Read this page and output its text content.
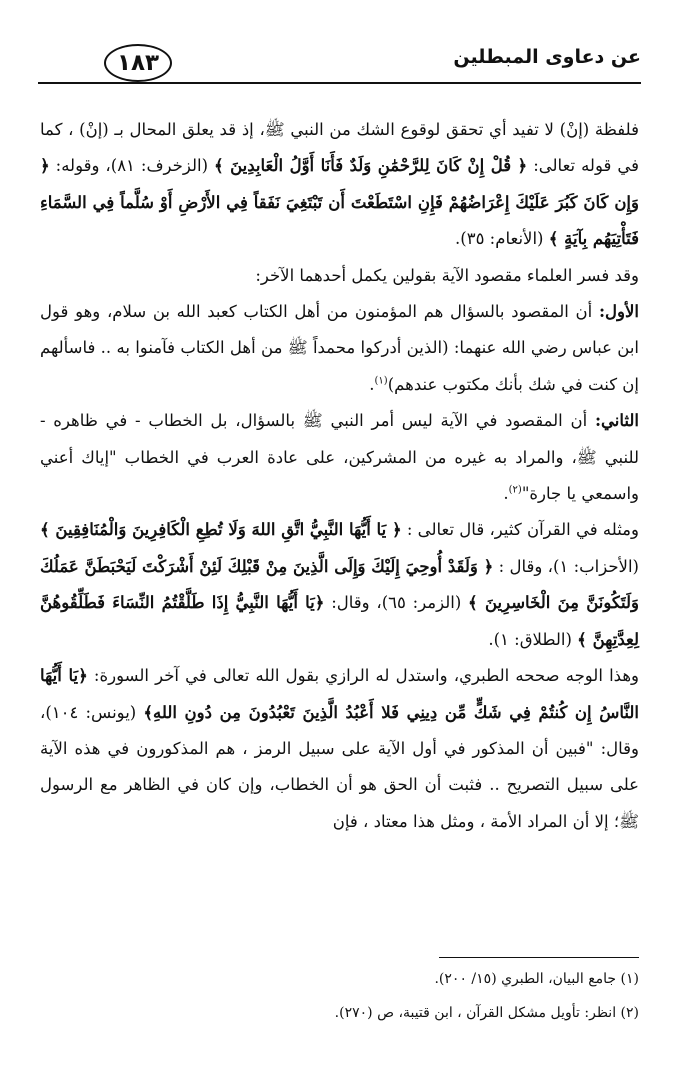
عن دعاوى المبطلين
١٨٣

فلفظة (إنْ) لا تفيد أي تحقق لوقوع الشك من النبي ﷺ، إذ قد يعلق المحال بـ (إنْ) ، كما في قوله تعالى: ﴿ قُلْ إِنْ كَانَ لِلرَّحْمَٰنِ وَلَدٌ فَأَنَا أَوَّلُ الْعَابِدِينَ ﴾ (الزخرف: ٨١)، وقوله: ﴿ وَإِن كَانَ كَبُرَ عَلَيْكَ إِعْرَاضُهُمْ فَإِنِ اسْتَطَعْتَ أَن تَبْتَغِيَ نَفَقاً فِي الأَرْضِ أَوْ سُلَّماً فِي السَّمَاءِ فَتَأْتِيَهُم بِآيَةٍ ﴾ (الأنعام: ٣٥).

وقد فسر العلماء مقصود الآية بقولين يكمل أحدهما الآخر:

الأول: أن المقصود بالسؤال هم المؤمنون من أهل الكتاب كعبد الله بن سلام، وهو قول ابن عباس رضي الله عنهما: (الذين أدركوا محمداً ﷺ من أهل الكتاب فآمنوا به .. فاسألهم إن كنت في شك بأنك مكتوب عندهم)$^{(١)}$.

الثاني: أن المقصود في الآية ليس أمر النبي ﷺ بالسؤال، بل الخطاب - في ظاهره - للنبي ﷺ، والمراد به غيره من المشركين، على عادة العرب في الخطاب "إياك أعني واسمعي يا جارة"$^{(٢)}$.

ومثله في القرآن كثير، قال تعالى : ﴿ يَا أَيُّهَا النَّبِيُّ اتَّقِ اللهَ وَلَا تُطِعِ الْكَافِرِينَ وَالْمُنَافِقِينَ ﴾ (الأحزاب: ١)، وقال : ﴿ وَلَقَدْ أُوحِيَ إِلَيْكَ وَإِلَى الَّذِينَ مِنْ قَبْلِكَ لَئِنْ أَشْرَكْتَ لَيَحْبَطَنَّ عَمَلُكَ وَلَتَكُونَنَّ مِنَ الْخَاسِرِينَ ﴾ (الزمر: ٦٥)، وقال: ﴿يَا أَيُّهَا النَّبِيُّ إِذَا طَلَّقْتُمُ النِّسَاءَ فَطَلِّقُوهُنَّ لِعِدَّتِهِنَّ ﴾ (الطلاق: ١).

وهذا الوجه صححه الطبري، واستدل له الرازي بقول الله تعالى في آخر السورة: ﴿يَا أَيُّهَا النَّاسُ إِن كُنتُمْ فِي شَكٍّ مِّن دِينِي فَلا أَعْبُدُ الَّذِينَ تَعْبُدُونَ مِن دُونِ اللهِ﴾ (يونس: ١٠٤)، وقال: "فبين أن المذكور في أول الآية على سبيل الرمز ، هم المذكورون في هذه الآية على سبيل التصريح .. فثبت أن الحق هو أن الخطاب، وإن كان في الظاهر مع الرسول ﷺ؛ إلا أن المراد الأمة ، ومثل هذا معتاد ، فإن

(١) جامع البيان، الطبري (١٥/ ٢٠٠).

(٢) انظر: تأويل مشكل القرآن ، ابن قتيبة، ص (٢٧٠).
